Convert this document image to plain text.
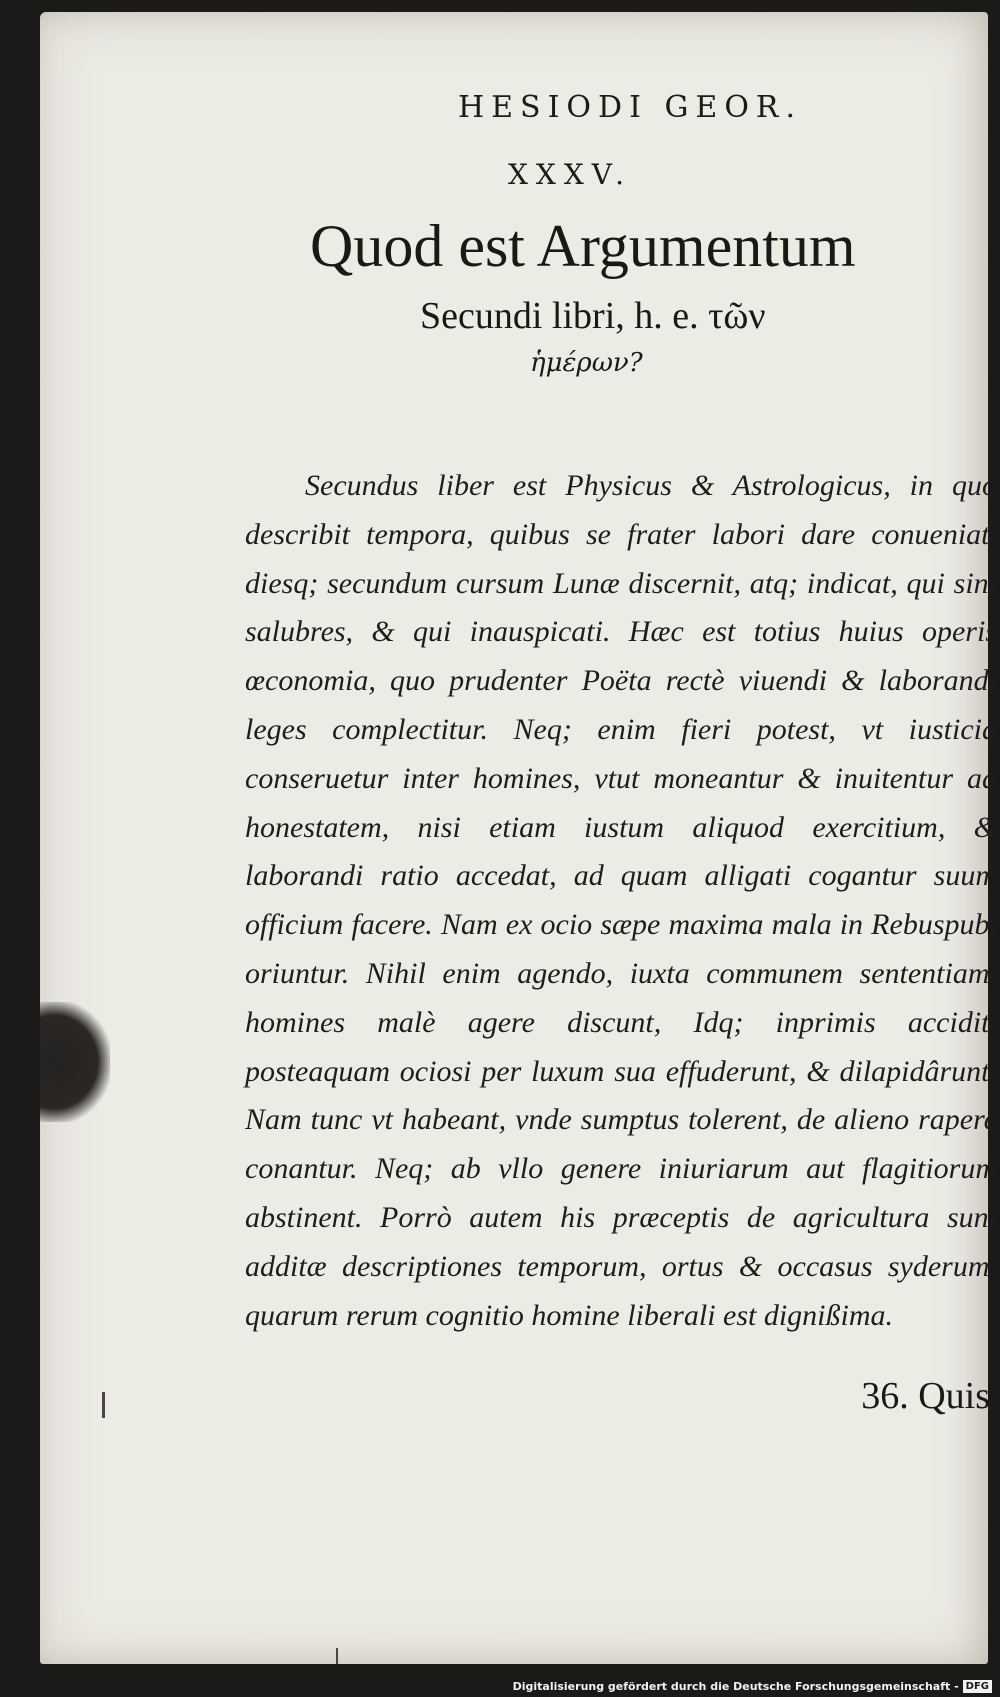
HESIODI GEOR.
XXXV.
Quod est Argumentum
Secundi libri, h. e. τῶν
ἡμέρων?

Secundus liber est Physicus & Astrologicus, in quo describit tempora, quibus se frater labori dare conueniat, diesq; secundum cursum Lunæ discernit, atq; indicat, qui sint salubres, & qui inauspicati. Hæc est totius huius operis œconomia, quo prudenter Poëta rectè viuendi & laborandi leges complectitur. Neq; enim fieri potest, vt iusticia conseruetur inter homines, vtut moneantur & inuitentur ad honestatem, nisi etiam iustum aliquod exercitium, & laborandi ratio accedat, ad quam alligati cogantur suum officium facere. Nam ex ocio sæpe maxima mala in Rebuspub. oriuntur. Nihil enim agendo, iuxta communem sententiam, homines malè agere discunt, Idq; inprimis accidit, posteaquam ociosi per luxum sua effuderunt, & dilapidârunt. Nam tunc vt habeant, vnde sumptus tolerent, de alieno rapere conantur. Neq; ab vllo genere iniuriarum aut flagitiorum abstinent. Porrò autem his præceptis de agricultura sunt additæ descriptiones temporum, ortus & occasus syderum, quarum rerum cognitio homine liberali est dignißima.

36. Quis
Digitalisierung gefördert durch die Deutsche Forschungsgemeinschaft - DFG
